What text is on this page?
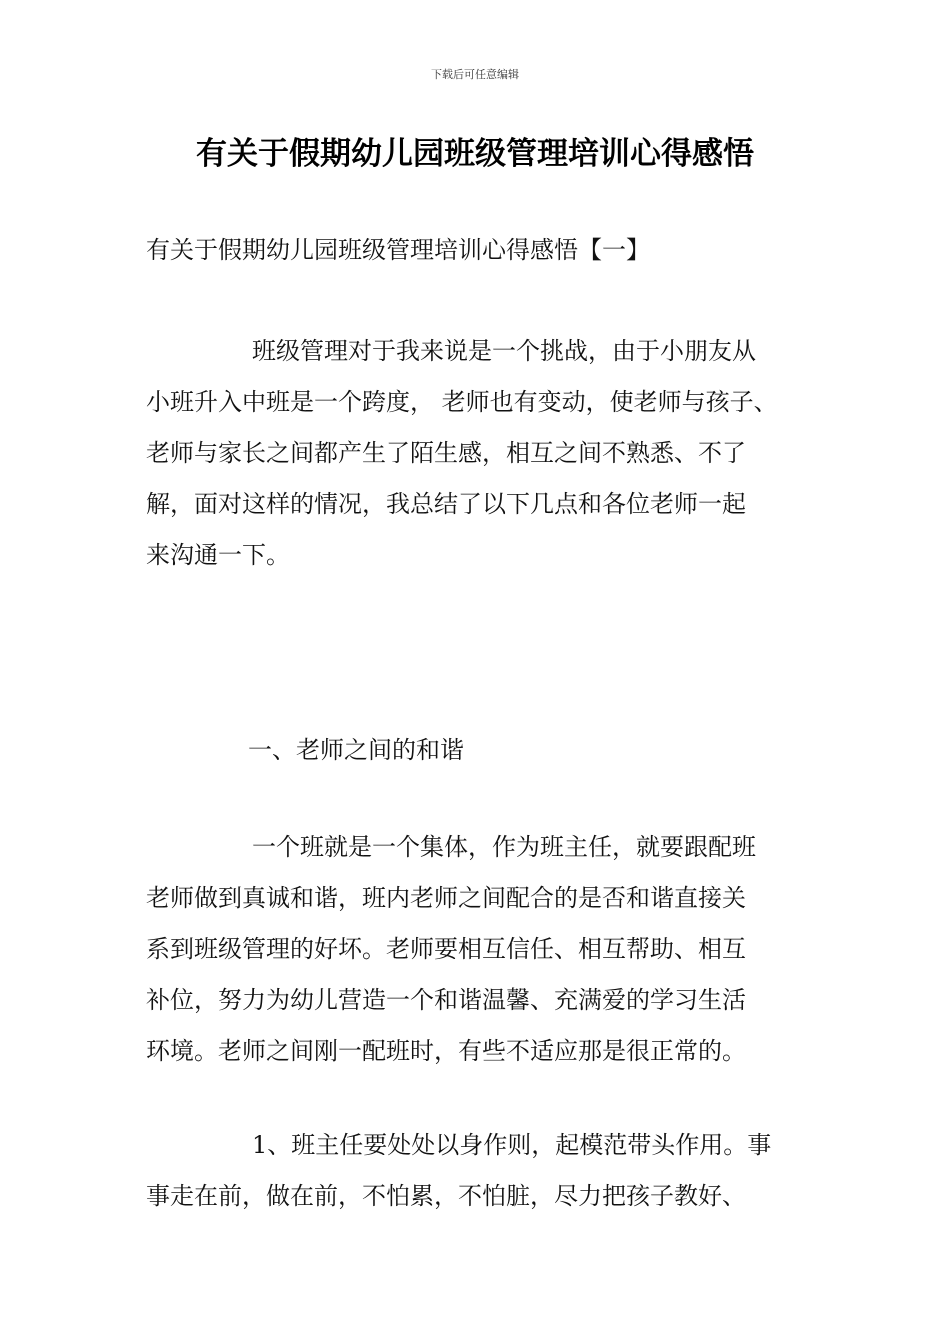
下载后可任意编辑
有关于假期幼儿园班级管理培训心得感悟
有关于假期幼儿园班级管理培训心得感悟【一】
班级管理对于我来说是一个挑战，由于小朋友从
小班升入中班是一个跨度， 老师也有变动，使老师与孩子、
老师与家长之间都产生了陌生感，相互之间不熟悉、不了
解，面对这样的情况，我总结了以下几点和各位老师一起
来沟通一下。
一、老师之间的和谐
一个班就是一个集体，作为班主任，就要跟配班
老师做到真诚和谐，班内老师之间配合的是否和谐直接关
系到班级管理的好坏。老师要相互信任、相互帮助、相互
补位，努力为幼儿营造一个和谐温馨、充满爱的学习生活
环境。老师之间刚一配班时，有些不适应那是很正常的。
1、班主任要处处以身作则，起模范带头作用。事
事走在前，做在前，不怕累，不怕脏，尽力把孩子教好、
